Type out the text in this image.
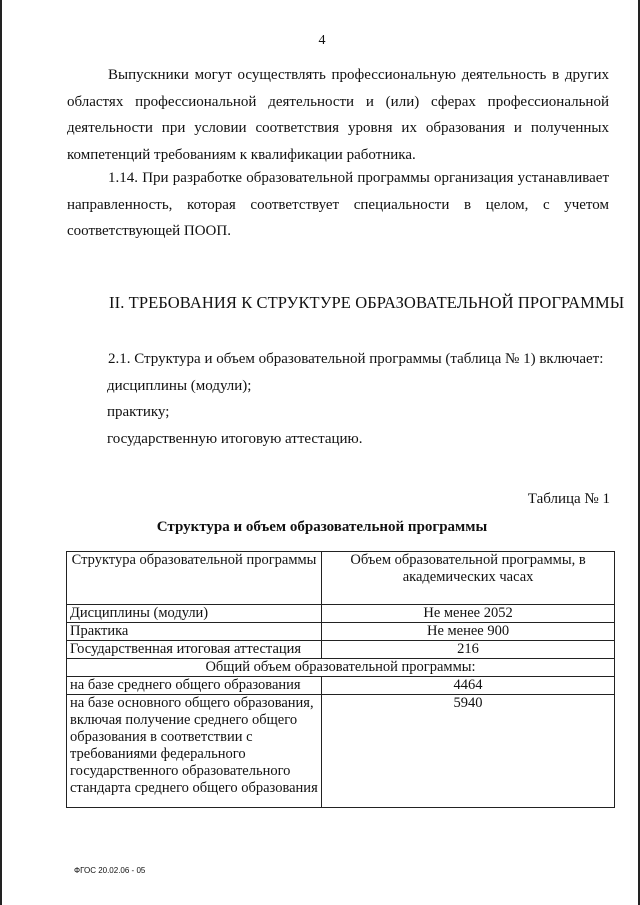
4
Выпускники могут осуществлять профессиональную деятельность в других областях профессиональной деятельности и (или) сферах профессиональной деятельности при условии соответствия уровня их образования и полученных компетенций требованиям к квалификации работника.
1.14. При разработке образовательной программы организация устанавливает направленность, которая соответствует специальности в целом, с учетом соответствующей ПООП.
II. ТРЕБОВАНИЯ К СТРУКТУРЕ ОБРАЗОВАТЕЛЬНОЙ ПРОГРАММЫ
2.1. Структура и объем образовательной программы (таблица № 1) включает:
дисциплины (модули);
практику;
государственную итоговую аттестацию.
Таблица № 1
Структура и объем образовательной программы
Структура образовательной программы	Объем образовательной программы, в академических часах
Дисциплины (модули)	Не менее 2052
Практика	Не менее 900
Государственная итоговая аттестация	216
Общий объем образовательной программы:	
на базе среднего общего образования	4464
на базе основного общего образования, включая получение среднего общего образования в соответствии с требованиями федерального государственного образовательного стандарта среднего общего образования	5940
ФГОС 20.02.06 - 05
